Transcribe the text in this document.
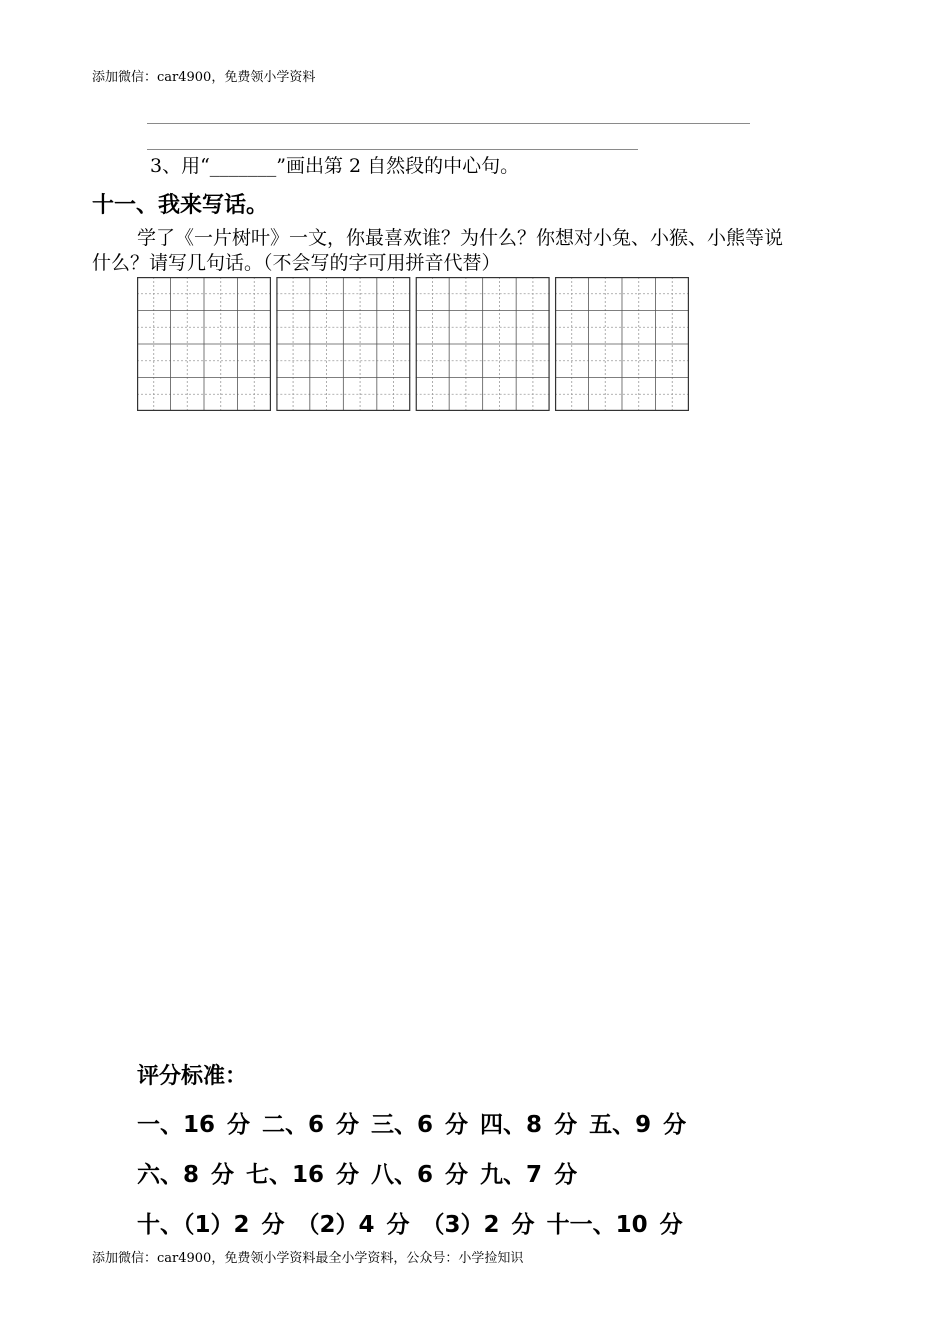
添加微信：car4900，免费领小学资料
3、用“_______”画出第 2 自然段的中心句。
十一、我来写话。
学了《一片树叶》一文，你最喜欢谁？为什么？你想对小兔、小猴、小熊等说
什么？请写几句话。（不会写的字可用拼音代替）
评分标准：
一、16 分 二、6 分 三、6 分 四、8 分 五、9 分
六、8 分 七、16 分 八、6 分 九、7 分
十、（1）2 分 （2）4 分 （3）2 分 十一、10 分
添加微信：car4900，免费领小学资料最全小学资料，公众号：小学捡知识
